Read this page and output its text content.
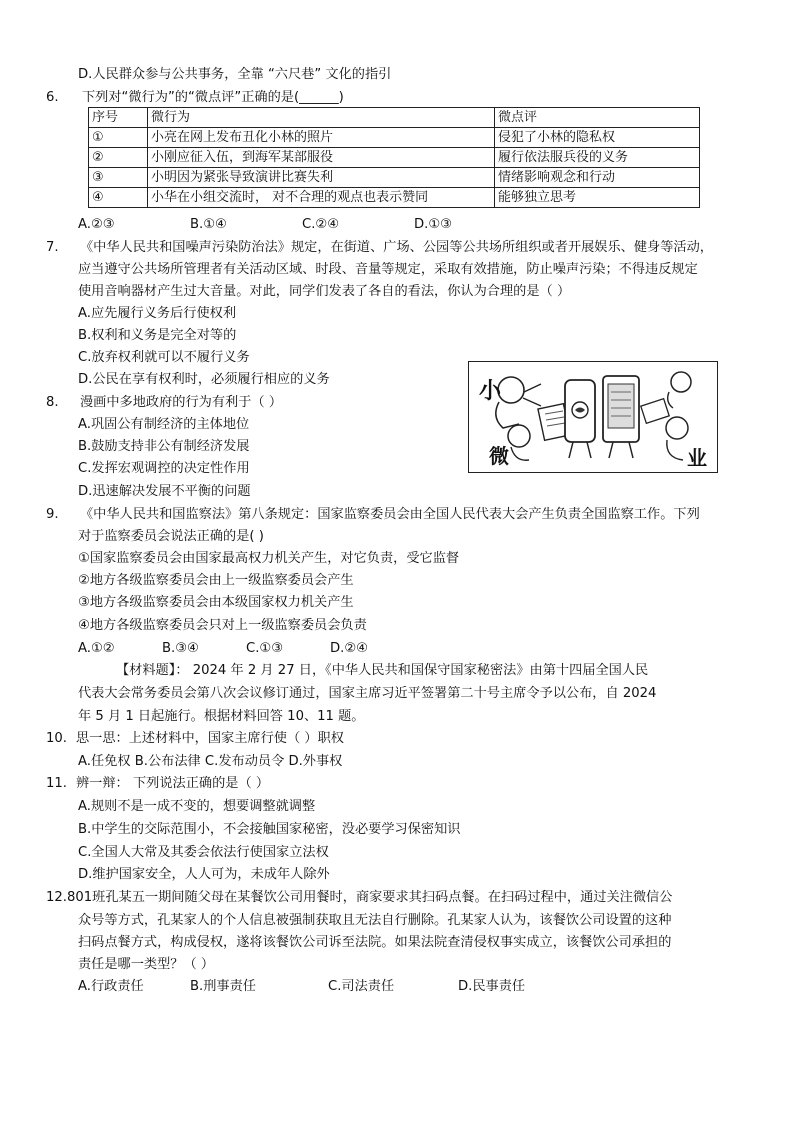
D.人民群众参与公共事务，全靠 “六尺巷” 文化的指引
6. 下列对“微行为”的“微点评”正确的是(______)
序号	微行为	微点评
①	小亮在网上发布丑化小林的照片	侵犯了小林的隐私权
②	小刚应征入伍，到海军某部服役	履行依法服兵役的义务
③	小明因为紧张导致演讲比赛失利	情绪影响观念和行动
④	小华在小组交流时， 对不合理的观点也表示赞同	能够独立思考
A.②③	B.①④	C.②④	D.①③
7. 《中华人民共和国噪声污染防治法》规定，在街道、广场、公园等公共场所组织或者开展娱乐、健身等活动，
应当遵守公共场所管理者有关活动区域、时段、音量等规定，采取有效措施，防止噪声污染；不得违反规定
使用音响器材产生过大音量。对此，同学们发表了各自的看法，你认为合理的是（ ）
A.应先履行义务后行使权利
B.权利和义务是完全对等的
C.放弃权利就可以不履行义务
D.公民在享有权利时，必须履行相应的义务
8. 漫画中多地政府的行为有利于（ ）
A.巩固公有制经济的主体地位
B.鼓励支持非公有制经济发展
C.发挥宏观调控的决定性作用
D.迅速解决发展不平衡的问题
小
微	业
9. 《中华人民共和国监察法》第八条规定：国家监察委员会由全国人民代表大会产生负责全国监察工作。下列
对于监察委员会说法正确的是( )
①国家监察委员会由国家最高权力机关产生，对它负责，受它监督
②地方各级监察委员会由上一级监察委员会产生
③地方各级监察委员会由本级国家权力机关产生
④地方各级监察委员会只对上一级监察委员会负责
A.①②	B.③④	C.①③	D.②④
【材料题】： 2024 年 2 月 27 日，《中华人民共和国保守国家秘密法》由第十四届全国人民
代表大会常务委员会第八次会议修订通过，国家主席习近平签署第二十号主席令予以公布，自 2024
年 5 月 1 日起施行。根据材料回答 10、11 题。
10. 思一思：上述材料中，国家主席行使（ ）职权
A.任免权 B.公布法律 C.发布动员令 D.外事权
11. 辨一辩： 下列说法正确的是（ ）
A.规则不是一成不变的，想要调整就调整
B.中学生的交际范围小，不会接触国家秘密，没必要学习保密知识
C.全国人大常及其委会依法行使国家立法权
D.维护国家安全，人人可为，未成年人除外
12.801班孔某五一期间随父母在某餐饮公司用餐时，商家要求其扫码点餐。在扫码过程中，通过关注微信公
众号等方式，孔某家人的个人信息被强制获取且无法自行删除。孔某家人认为，该餐饮公司设置的这种
扫码点餐方式，构成侵权，遂将该餐饮公司诉至法院。如果法院查清侵权事实成立，该餐饮公司承担的
责任是哪一类型？（ ）
A.行政责任	B.刑事责任	C.司法责任	D.民事责任
